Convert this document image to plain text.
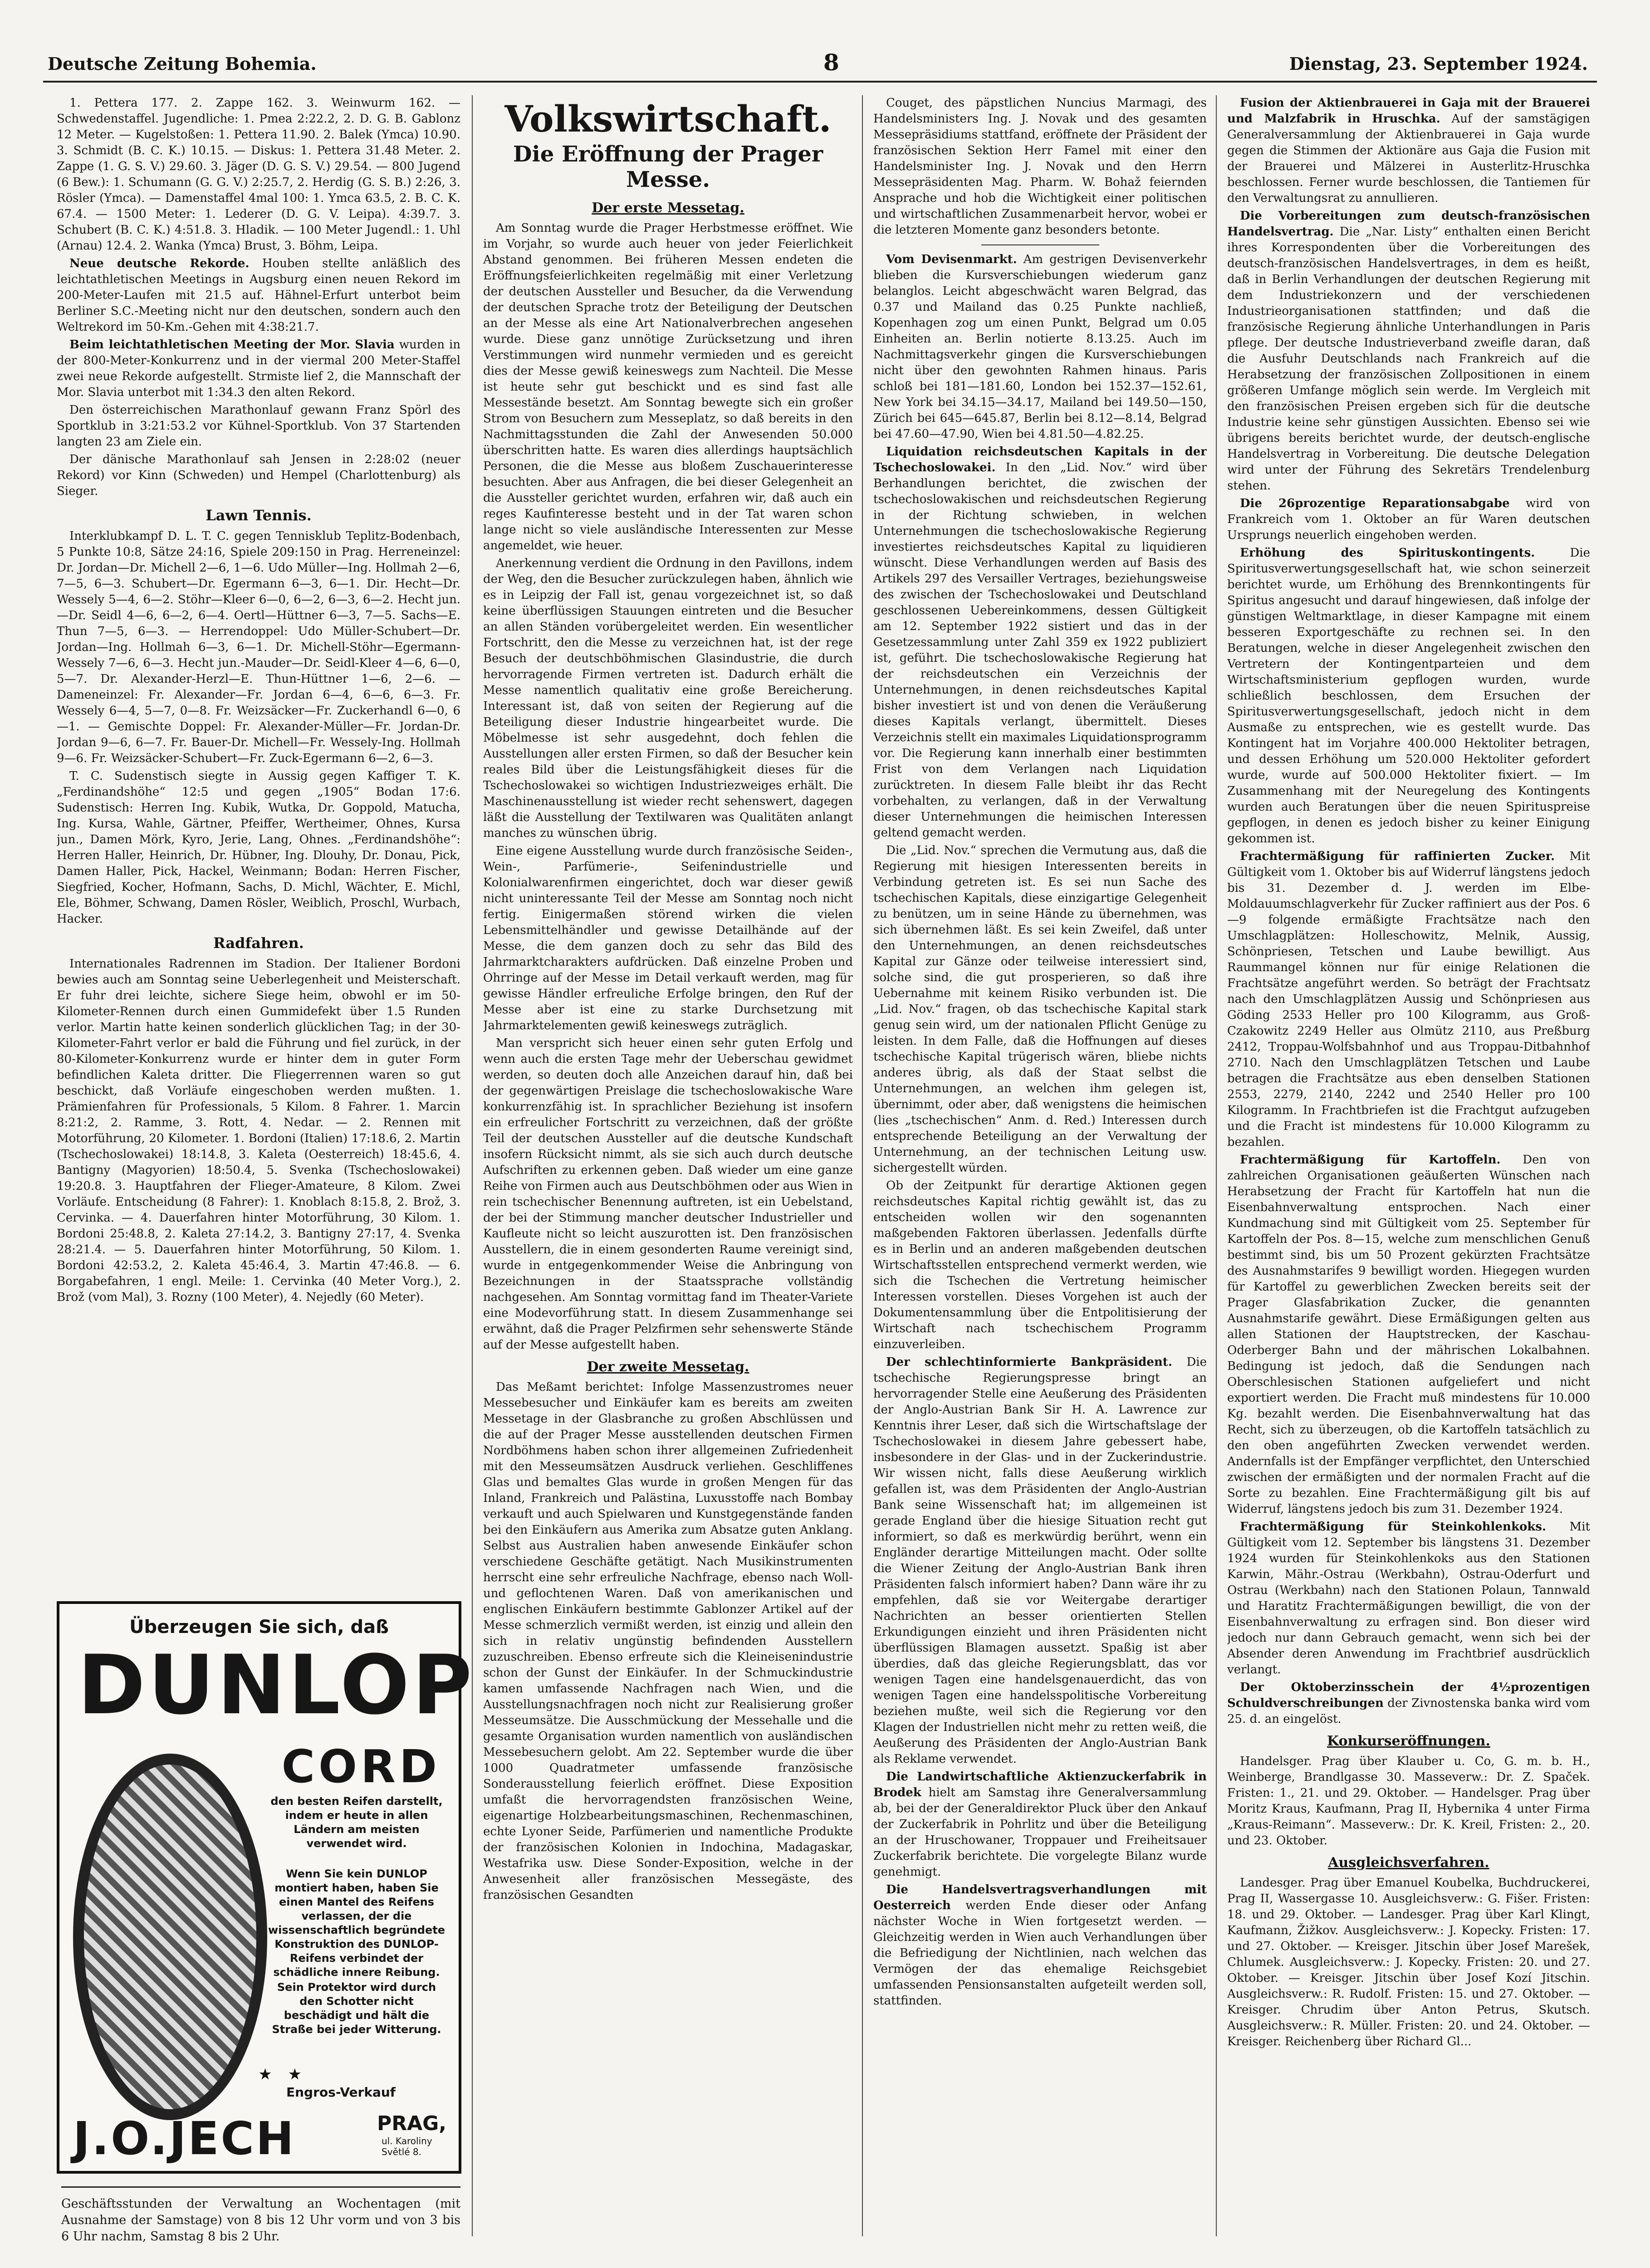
Deutsche Zeitung Bohemia.	8	Dienstag, 23. September 1924.

1. Pettera 177. 2. Zappe 162. 3. Weinwurm 162. — Schwedenstaffel. Jugendliche: 1. Pmea 2:22.2, 2. D. G. B. Gablonz 12 Meter. — Kugelstoßen: 1. Pettera 11.90. 2. Balek (Ymca) 10.90. 3. Schmidt (B. C. K.) 10.15. — Diskus: 1. Pettera 31.48 Meter. 2. Zappe (1. G. S. V.) 29.60. 3. Jäger (D. G. S. V.) 29.54. — 800 Jugend (6 Bew.): 1. Schumann (G. G. V.) 2:25.7, 2. Herdig (G. S. B.) 2:26, 3. Rösler (Ymca). — Damenstaffel 4mal 100: 1. Ymca 63.5, 2. B. C. K. 67.4. — 1500 Meter: 1. Lederer (D. G. V. Leipa). 4:39.7. 3. Schubert (B. C. K.) 4:51.8. 3. Hladik. — 100 Meter Jugendl.: 1. Uhl (Arnau) 12.4. 2. Wanka (Ymca) Brust, 3. Böhm, Leipa.

Neue deutsche Rekorde. Houben stellte anläßlich des leichtathletischen Meetings in Augsburg einen neuen Rekord im 200-Meter-Laufen mit 21.5 auf. Hähnel-Erfurt unterbot beim Berliner S.C.-Meeting nicht nur den deutschen, sondern auch den Weltrekord im 50-Km.-Gehen mit 4:38:21.7.

Beim leichtathletischen Meeting der Mor. Slavia wurden in der 800-Meter-Konkurrenz und in der viermal 200 Meter-Staffel zwei neue Rekorde aufgestellt. Strmiste lief 2, die Mannschaft der Mor. Slavia unterbot mit 1:34.3 den alten Rekord.

Den österreichischen Marathonlauf gewann Franz Spörl des Sportklub in 3:21:53.2 vor Kühnel-Sportklub. Von 37 Startenden langten 23 am Ziele ein.

Der dänische Marathonlauf sah Jensen in 2:28:02 (neuer Rekord) vor Kinn (Schweden) und Hempel (Charlottenburg) als Sieger.

Lawn Tennis.

Interklubkampf D. L. T. C. gegen Tennisklub Teplitz-Bodenbach, 5 Punkte 10:8, Sätze 24:16, Spiele 209:150 in Prag. Herreneinzel: Dr. Jordan—Dr. Michell 2—6, 1—6. Udo Müller—Ing. Hollmah 2—6, 7—5, 6—3. Schubert—Dr. Egermann 6—3, 6—1. Dir. Hecht—Dr. Wessely 5—4, 6—2. Stöhr—Kleer 6—0, 6—2, 6—3, 6—2. Hecht jun.—Dr. Seidl 4—6, 6—2, 6—4. Oertl—Hüttner 6—3, 7—5. Sachs—E. Thun 7—5, 6—3. — Herrendoppel: Udo Müller-Schubert—Dr. Jordan—Ing. Hollmah 6—3, 6—1. Dr. Michell-Stöhr—Egermann-Wessely 7—6, 6—3. Hecht jun.-Mauder—Dr. Seidl-Kleer 4—6, 6—0, 5—7. Dr. Alexander-Herzl—E. Thun-Hüttner 1—6, 2—6. — Dameneinzel: Fr. Alexander—Fr. Jordan 6—4, 6—6, 6—3. Fr. Wessely 6—4, 5—7, 0—8. Fr. Weizsäcker—Fr. Zuckerhandl 6—0, 6—1. — Gemischte Doppel: Fr. Alexander-Müller—Fr. Jordan-Dr. Jordan 9—6, 6—7. Fr. Bauer-Dr. Michell—Fr. Wessely-Ing. Hollmah 9—6. Fr. Weizsäcker-Schubert—Fr. Zuck-Egermann 6—2, 6—3.

T. C. Sudenstisch siegte in Aussig gegen Kaffiger T. K. „Ferdinandshöhe“ 12:5 und gegen „1905“ Bodan 17:6. Sudenstisch: Herren Ing. Kubik, Wutka, Dr. Goppold, Matucha, Ing. Kursa, Wahle, Gärtner, Pfeiffer, Wertheimer, Ohnes, Kursa jun., Damen Mörk, Kyro, Jerie, Lang, Ohnes. „Ferdinandshöhe“: Herren Haller, Heinrich, Dr. Hübner, Ing. Dlouhy, Dr. Donau, Pick, Damen Haller, Pick, Hackel, Weinmann; Bodan: Herren Fischer, Siegfried, Kocher, Hofmann, Sachs, D. Michl, Wächter, E. Michl, Ele, Böhmer, Schwang, Damen Rösler, Weiblich, Proschl, Wurbach, Hacker.

Radfahren.

Internationales Radrennen im Stadion. Der Italiener Bordoni bewies auch am Sonntag seine Ueberlegenheit und Meisterschaft. Er fuhr drei leichte, sichere Siege heim, obwohl er im 50-Kilometer-Rennen durch einen Gummidefekt über 1.5 Runden verlor. Martin hatte keinen sonderlich glücklichen Tag; in der 30-Kilometer-Fahrt verlor er bald die Führung und fiel zurück, in der 80-Kilometer-Konkurrenz wurde er hinter dem in guter Form befindlichen Kaleta dritter. Die Fliegerrennen waren so gut beschickt, daß Vorläufe eingeschoben werden mußten. 1. Prämienfahren für Professionals, 5 Kilom. 8 Fahrer. 1. Marcin 8:21:2, 2. Ramme, 3. Rott, 4. Nedar. — 2. Rennen mit Motorführung, 20 Kilometer. 1. Bordoni (Italien) 17:18.6, 2. Martin (Tschechoslowakei) 18:14.8, 3. Kaleta (Oesterreich) 18:45.6, 4. Bantigny (Magyorien) 18:50.4, 5. Svenka (Tschechoslowakei) 19:20.8. 3. Hauptfahren der Flieger-Amateure, 8 Kilom. Zwei Vorläufe. Entscheidung (8 Fahrer): 1. Knoblach 8:15.8, 2. Brož, 3. Cervinka. — 4. Dauerfahren hinter Motorführung, 30 Kilom. 1. Bordoni 25:48.8, 2. Kaleta 27:14.2, 3. Bantigny 27:17, 4. Svenka 28:21.4. — 5. Dauerfahren hinter Motorführung, 50 Kilom. 1. Bordoni 42:53.2, 2. Kaleta 45:46.4, 3. Martin 47:46.8. — 6. Borgabefahren, 1 engl. Meile: 1. Cervinka (40 Meter Vorg.), 2. Brož (vom Mal), 3. Rozny (100 Meter), 4. Nejedly (60 Meter).

Überzeugen Sie sich, daß
DUNLOP
CORD
den besten Reifen darstellt, indem er heute in allen Ländern am meisten verwendet wird.
Wenn Sie kein DUNLOP montiert haben, haben Sie einen Mantel des Reifens verlassen, der die wissenschaftlich begründete Konstruktion des DUNLOP-Reifens verbindet der schädliche innere Reibung.
Sein Protektor wird durch den Schotter nicht beschädigt und hält die Straße bei jeder Witterung.
★ ★
Engros-Verkauf
J.O.JECH	PRAG,
ul. Karoliny Světlé 8.
Geschäftsstunden der Verwaltung an Wochentagen (mit Ausnahme der Samstage) von 8 bis 12 Uhr vorm und von 3 bis 6 Uhr nachm, Samstag 8 bis 2 Uhr.
Volkswirtschaft.
Die Eröffnung der Prager Messe.
Der erste Messetag.

Am Sonntag wurde die Prager Herbstmesse eröffnet. Wie im Vorjahr, so wurde auch heuer von jeder Feierlichkeit Abstand genommen. Bei früheren Messen endeten die Eröffnungsfeierlichkeiten regelmäßig mit einer Verletzung der deutschen Aussteller und Besucher, da die Verwendung der deutschen Sprache trotz der Beteiligung der Deutschen an der Messe als eine Art Nationalverbrechen angesehen wurde. Diese ganz unnötige Zurücksetzung und ihren Verstimmungen wird nunmehr vermieden und es gereicht dies der Messe gewiß keineswegs zum Nachteil. Die Messe ist heute sehr gut beschickt und es sind fast alle Messestände besetzt. Am Sonntag bewegte sich ein großer Strom von Besuchern zum Messeplatz, so daß bereits in den Nachmittagsstunden die Zahl der Anwesenden 50.000 überschritten hatte. Es waren dies allerdings hauptsächlich Personen, die die Messe aus bloßem Zuschauerinteresse besuchten. Aber aus Anfragen, die bei dieser Gelegenheit an die Aussteller gerichtet wurden, erfahren wir, daß auch ein reges Kaufinteresse besteht und in der Tat waren schon lange nicht so viele ausländische Interessenten zur Messe angemeldet, wie heuer.

Anerkennung verdient die Ordnung in den Pavillons, indem der Weg, den die Besucher zurückzulegen haben, ähnlich wie es in Leipzig der Fall ist, genau vorgezeichnet ist, so daß keine überflüssigen Stauungen eintreten und die Besucher an allen Ständen vorübergeleitet werden. Ein wesentlicher Fortschritt, den die Messe zu verzeichnen hat, ist der rege Besuch der deutschböhmischen Glasindustrie, die durch hervorragende Firmen vertreten ist. Dadurch erhält die Messe namentlich qualitativ eine große Bereicherung. Interessant ist, daß von seiten der Regierung auf die Beteiligung dieser Industrie hingearbeitet wurde. Die Möbelmesse ist sehr ausgedehnt, doch fehlen die Ausstellungen aller ersten Firmen, so daß der Besucher kein reales Bild über die Leistungsfähigkeit dieses für die Tschechoslowakei so wichtigen Industriezweiges erhält. Die Maschinenausstellung ist wieder recht sehenswert, dagegen läßt die Ausstellung der Textilwaren was Qualitäten anlangt manches zu wünschen übrig.

Eine eigene Ausstellung wurde durch französische Seiden-, Wein-, Parfümerie-, Seifenindustrielle und Kolonialwarenfirmen eingerichtet, doch war dieser gewiß nicht uninteressante Teil der Messe am Sonntag noch nicht fertig. Einigermaßen störend wirken die vielen Lebensmittelhändler und gewisse Detailhände auf der Messe, die dem ganzen doch zu sehr das Bild des Jahrmarktcharakters aufdrücken. Daß einzelne Proben und Ohrringe auf der Messe im Detail verkauft werden, mag für gewisse Händler erfreuliche Erfolge bringen, den Ruf der Messe aber ist eine zu starke Durchsetzung mit Jahrmarktelementen gewiß keineswegs zuträglich.

Man verspricht sich heuer einen sehr guten Erfolg und wenn auch die ersten Tage mehr der Ueberschau gewidmet werden, so deuten doch alle Anzeichen darauf hin, daß bei der gegenwärtigen Preislage die tschechoslowakische Ware konkurrenzfähig ist. In sprachlicher Beziehung ist insofern ein erfreulicher Fortschritt zu verzeichnen, daß der größte Teil der deutschen Aussteller auf die deutsche Kundschaft insofern Rücksicht nimmt, als sie sich auch durch deutsche Aufschriften zu erkennen geben. Daß wieder um eine ganze Reihe von Firmen auch aus Deutschböhmen oder aus Wien in rein tschechischer Benennung auftreten, ist ein Uebelstand, der bei der Stimmung mancher deutscher Industrieller und Kaufleute nicht so leicht auszurotten ist. Den französischen Ausstellern, die in einem gesonderten Raume vereinigt sind, wurde in entgegenkommender Weise die Anbringung von Bezeichnungen in der Staatssprache vollständig nachgesehen. Am Sonntag vormittag fand im Theater-Variete eine Modevorführung statt. In diesem Zusammenhange sei erwähnt, daß die Prager Pelzfirmen sehr sehenswerte Stände auf der Messe aufgestellt haben.

Der zweite Messetag.

Das Meßamt berichtet: Infolge Massenzustromes neuer Messebesucher und Einkäufer kam es bereits am zweiten Messetage in der Glasbranche zu großen Abschlüssen und die auf der Prager Messe ausstellenden deutschen Firmen Nordböhmens haben schon ihrer allgemeinen Zufriedenheit mit den Messeumsätzen Ausdruck verliehen. Geschliffenes Glas und bemaltes Glas wurde in großen Mengen für das Inland, Frankreich und Palästina, Luxusstoffe nach Bombay verkauft und auch Spielwaren und Kunstgegenstände fanden bei den Einkäufern aus Amerika zum Absatze guten Anklang. Selbst aus Australien haben anwesende Einkäufer schon verschiedene Geschäfte getätigt. Nach Musikinstrumenten herrscht eine sehr erfreuliche Nachfrage, ebenso nach Woll- und geflochtenen Waren. Daß von amerikanischen und englischen Einkäufern bestimmte Gablonzer Artikel auf der Messe schmerzlich vermißt werden, ist einzig und allein den sich in relativ ungünstig befindenden Ausstellern zuzuschreiben. Ebenso erfreute sich die Kleineisenindustrie schon der Gunst der Einkäufer. In der Schmuckindustrie kamen umfassende Nachfragen nach Wien, und die Ausstellungsnachfragen noch nicht zur Realisierung großer Messeumsätze. Die Ausschmückung der Messehalle und die gesamte Organisation wurden namentlich von ausländischen Messebesuchern gelobt. Am 22. September wurde die über 1000 Quadratmeter umfassende französische Sonderausstellung feierlich eröffnet. Diese Exposition umfaßt die hervorragendsten französischen Weine, eigenartige Holzbearbeitungsmaschinen, Rechenmaschinen, echte Lyoner Seide, Parfümerien und namentliche Produkte der französischen Kolonien in Indochina, Madagaskar, Westafrika usw. Diese Sonder-Exposition, welche in der Anwesenheit aller französischen Messegäste, des französischen Gesandten

Couget, des päpstlichen Nuncius Marmagi, des Handelsministers Ing. J. Novak und des gesamten Messepräsidiums stattfand, eröffnete der Präsident der französischen Sektion Herr Famel mit einer den Handelsminister Ing. J. Novak und den Herrn Messepräsidenten Mag. Pharm. W. Bohaž feiernden Ansprache und hob die Wichtigkeit einer politischen und wirtschaftlichen Zusammenarbeit hervor, wobei er die letzteren Momente ganz besonders betonte.

Vom Devisenmarkt. Am gestrigen Devisenverkehr blieben die Kursverschiebungen wiederum ganz belanglos. Leicht abgeschwächt waren Belgrad, das 0.37 und Mailand das 0.25 Punkte nachließ, Kopenhagen zog um einen Punkt, Belgrad um 0.05 Einheiten an. Berlin notierte 8.13.25. Auch im Nachmittagsverkehr gingen die Kursverschiebungen nicht über den gewohnten Rahmen hinaus. Paris schloß bei 181—181.60, London bei 152.37—152.61, New York bei 34.15—34.17, Mailand bei 149.50—150, Zürich bei 645—645.87, Berlin bei 8.12—8.14, Belgrad bei 47.60—47.90, Wien bei 4.81.50—4.82.25.

Liquidation reichsdeutschen Kapitals in der Tschechoslowakei. In den „Lid. Nov.“ wird über Berhandlungen berichtet, die zwischen der tschechoslowakischen und reichsdeutschen Regierung in der Richtung schwieben, in welchen Unternehmungen die tschechoslowakische Regierung investiertes reichsdeutsches Kapital zu liquidieren wünscht. Diese Verhandlungen werden auf Basis des Artikels 297 des Versailler Vertrages, beziehungsweise des zwischen der Tschechoslowakei und Deutschland geschlossenen Uebereinkommens, dessen Gültigkeit am 12. September 1922 sistiert und das in der Gesetzessammlung unter Zahl 359 ex 1922 publiziert ist, geführt. Die tschechoslowakische Regierung hat der reichsdeutschen ein Verzeichnis der Unternehmungen, in denen reichsdeutsches Kapital bisher investiert ist und von denen die Veräußerung dieses Kapitals verlangt, übermittelt. Dieses Verzeichnis stellt ein maximales Liquidationsprogramm vor. Die Regierung kann innerhalb einer bestimmten Frist von dem Verlangen nach Liquidation zurücktreten. In diesem Falle bleibt ihr das Recht vorbehalten, zu verlangen, daß in der Verwaltung dieser Unternehmungen die heimischen Interessen geltend gemacht werden.

Die „Lid. Nov.“ sprechen die Vermutung aus, daß die Regierung mit hiesigen Interessenten bereits in Verbindung getreten ist. Es sei nun Sache des tschechischen Kapitals, diese einzigartige Gelegenheit zu benützen, um in seine Hände zu übernehmen, was sich übernehmen läßt. Es sei kein Zweifel, daß unter den Unternehmungen, an denen reichsdeutsches Kapital zur Gänze oder teilweise interessiert sind, solche sind, die gut prosperieren, so daß ihre Uebernahme mit keinem Risiko verbunden ist. Die „Lid. Nov.“ fragen, ob das tschechische Kapital stark genug sein wird, um der nationalen Pflicht Genüge zu leisten. In dem Falle, daß die Hoffnungen auf dieses tschechische Kapital trügerisch wären, bliebe nichts anderes übrig, als daß der Staat selbst die Unternehmungen, an welchen ihm gelegen ist, übernimmt, oder aber, daß wenigstens die heimischen (lies „tschechischen“ Anm. d. Red.) Interessen durch entsprechende Beteiligung an der Verwaltung der Unternehmung, an der technischen Leitung usw. sichergestellt würden.

Ob der Zeitpunkt für derartige Aktionen gegen reichsdeutsches Kapital richtig gewählt ist, das zu entscheiden wollen wir den sogenannten maßgebenden Faktoren überlassen. Jedenfalls dürfte es in Berlin und an anderen maßgebenden deutschen Wirtschaftsstellen entsprechend vermerkt werden, wie sich die Tschechen die Vertretung heimischer Interessen vorstellen. Dieses Vorgehen ist auch der Dokumentensammlung über die Entpolitisierung der Wirtschaft nach tschechischem Programm einzuverleiben.

Der schlechtinformierte Bankpräsident. Die tschechische Regierungspresse bringt an hervorragender Stelle eine Aeußerung des Präsidenten der Anglo-Austrian Bank Sir H. A. Lawrence zur Kenntnis ihrer Leser, daß sich die Wirtschaftslage der Tschechoslowakei in diesem Jahre gebessert habe, insbesondere in der Glas- und in der Zuckerindustrie. Wir wissen nicht, falls diese Aeußerung wirklich gefallen ist, was dem Präsidenten der Anglo-Austrian Bank seine Wissenschaft hat; im allgemeinen ist gerade England über die hiesige Situation recht gut informiert, so daß es merkwürdig berührt, wenn ein Engländer derartige Mitteilungen macht. Oder sollte die Wiener Zeitung der Anglo-Austrian Bank ihren Präsidenten falsch informiert haben? Dann wäre ihr zu empfehlen, daß sie vor Weitergabe derartiger Nachrichten an besser orientierten Stellen Erkundigungen einzieht und ihren Präsidenten nicht überflüssigen Blamagen aussetzt. Spaßig ist aber überdies, daß das gleiche Regierungsblatt, das vor wenigen Tagen eine handelsgenauerdicht, das von wenigen Tagen eine handelsspolitische Vorbereitung beziehen mußte, weil sich die Regierung vor den Klagen der Industriellen nicht mehr zu retten weiß, die Aeußerung des Präsidenten der Anglo-Austrian Bank als Reklame verwendet.

Die Landwirtschaftliche Aktienzuckerfabrik in Brodek hielt am Samstag ihre Generalversammlung ab, bei der der Generaldirektor Pluck über den Ankauf der Zuckerfabrik in Pohrlitz und über die Beteiligung an der Hruschowaner, Troppauer und Freiheitsauer Zuckerfabrik berichtete. Die vorgelegte Bilanz wurde genehmigt.

Die Handelsvertragsverhandlungen mit Oesterreich werden Ende dieser oder Anfang nächster Woche in Wien fortgesetzt werden. — Gleichzeitig werden in Wien auch Verhandlungen über die Befriedigung der Nichtlinien, nach welchen das Vermögen der das ehemalige Reichsgebiet umfassenden Pensionsanstalten aufgeteilt werden soll, stattfinden.

Fusion der Aktienbrauerei in Gaja mit der Brauerei und Malzfabrik in Hruschka. Auf der samstägigen Generalversammlung der Aktienbrauerei in Gaja wurde gegen die Stimmen der Aktionäre aus Gaja die Fusion mit der Brauerei und Mälzerei in Austerlitz-Hruschka beschlossen. Ferner wurde beschlossen, die Tantiemen für den Verwaltungsrat zu annullieren.

Die Vorbereitungen zum deutsch-französischen Handelsvertrag. Die „Nar. Listy“ enthalten einen Bericht ihres Korrespondenten über die Vorbereitungen des deutsch-französischen Handelsvertrages, in dem es heißt, daß in Berlin Verhandlungen der deutschen Regierung mit dem Industriekonzern und der verschiedenen Industrieorganisationen stattfinden; und daß die französische Regierung ähnliche Unterhandlungen in Paris pflege. Der deutsche Industrieverband zweifle daran, daß die Ausfuhr Deutschlands nach Frankreich auf die Herabsetzung der französischen Zollpositionen in einem größeren Umfange möglich sein werde. Im Vergleich mit den französischen Preisen ergeben sich für die deutsche Industrie keine sehr günstigen Aussichten. Ebenso sei wie übrigens bereits berichtet wurde, der deutsch-englische Handelsvertrag in Vorbereitung. Die deutsche Delegation wird unter der Führung des Sekretärs Trendelenburg stehen.

Die 26prozentige Reparationsabgabe wird von Frankreich vom 1. Oktober an für Waren deutschen Ursprungs neuerlich eingehoben werden.

Erhöhung des Spirituskontingents.	Die Spiritusverwertungsgesellschaft hat, wie schon seinerzeit berichtet wurde, um Erhöhung des Brennkontingents für Spiritus angesucht und darauf hingewiesen, daß infolge der günstigen Weltmarktlage, in dieser Kampagne mit einem besseren Exportgeschäfte zu rechnen sei. In den Beratungen, welche in dieser Angelegenheit zwischen den Vertretern der Kontingentparteien und dem Wirtschaftsministerium gepflogen wurden, wurde schließlich beschlossen, dem Ersuchen der Spiritusverwertungsgesellschaft, jedoch nicht in dem Ausmaße zu entsprechen, wie es gestellt wurde. Das Kontingent hat im Vorjahre 400.000 Hektoliter betragen, und dessen Erhöhung um 520.000 Hektoliter gefordert wurde, wurde auf 500.000 Hektoliter fixiert. — Im Zusammenhang mit der Neuregelung des Kontingents wurden auch Beratungen über die neuen Spirituspreise gepflogen, in denen es jedoch bisher zu keiner Einigung gekommen ist.

Frachtermäßigung für raffinierten Zucker. Mit Gültigkeit vom 1. Oktober bis auf Widerruf längstens jedoch bis 31. Dezember d. J. werden im Elbe-Moldauumschlagverkehr für Zucker raffiniert aus der Pos. 6—9 folgende ermäßigte Frachtsätze nach den Umschlagplätzen: Holleschowitz, Melnik, Aussig, Schönpriesen, Tetschen und Laube bewilligt. Aus Raummangel können nur für einige Relationen die Frachtsätze angeführt werden. So beträgt der Frachtsatz nach den Umschlagplätzen Aussig und Schönpriesen aus Göding 2533 Heller pro 100 Kilogramm, aus Groß-Czakowitz 2249 Heller aus Olmütz 2110, aus Preßburg 2412, Troppau-Wolfsbahnhof und aus Troppau-Ditbahnhof 2710. Nach den Umschlagplätzen Tetschen und Laube betragen die Frachtsätze aus eben denselben Stationen 2553, 2279, 2140, 2242 und 2540 Heller pro 100 Kilogramm. In Frachtbriefen ist die Frachtgut aufzugeben und die Fracht ist mindestens für 10.000 Kilogramm zu bezahlen.

Frachtermäßigung für Kartoffeln. Den von zahlreichen Organisationen geäußerten Wünschen nach Herabsetzung der Fracht für Kartoffeln hat nun die Eisenbahnverwaltung entsprochen. Nach einer Kundmachung sind mit Gültigkeit vom 25. September für Kartoffeln der Pos. 8—15, welche zum menschlichen Genuß bestimmt sind, bis um 50 Prozent gekürzten Frachtsätze des Ausnahmstarifes 9 bewilligt worden. Hiegegen wurden für Kartoffel zu gewerblichen Zwecken bereits seit der Prager Glasfabrikation Zucker, die genannten Ausnahmstarife gewährt. Diese Ermäßigungen gelten aus allen Stationen der Hauptstrecken, der Kaschau-Oderberger Bahn und der mährischen Lokalbahnen. Bedingung ist jedoch, daß die Sendungen nach Oberschlesischen Stationen aufgeliefert und nicht exportiert werden. Die Fracht muß mindestens für 10.000 Kg. bezahlt werden. Die Eisenbahnverwaltung hat das Recht, sich zu überzeugen, ob die Kartoffeln tatsächlich zu den oben angeführten Zwecken verwendet werden. Andernfalls ist der Empfänger verpflichtet, den Unterschied zwischen der ermäßigten und der normalen Fracht auf die Sorte zu bezahlen. Eine Frachtermäßigung gilt bis auf Widerruf, längstens jedoch bis zum 31. Dezember 1924.

Frachtermäßigung für Steinkohlenkoks. Mit Gültigkeit vom 12. September bis längstens 31. Dezember 1924 wurden für Steinkohlenkoks aus den Stationen Karwin, Mähr.-Ostrau (Werkbahn), Ostrau-Oderfurt und Ostrau (Werkbahn) nach den Stationen Polaun, Tannwald und Haratitz Frachtermäßigungen bewilligt, die von der Eisenbahnverwaltung zu erfragen sind. Bon dieser wird jedoch nur dann Gebrauch gemacht, wenn sich bei der Absender deren Anwendung im Frachtbrief ausdrücklich verlangt.

Der Oktoberzinsschein der 4½prozentigen Schuldverschreibungen der Zivnostenska banka wird vom 25. d. an eingelöst.

Konkurseröffnungen.

Handelsger. Prag über Klauber u. Co, G. m. b. H., Weinberge, Brandlgasse 30. Masseverw.: Dr. Z. Spaček. Fristen: 1., 21. und 29. Oktober. — Handelsger. Prag über Moritz Kraus, Kaufmann, Prag II, Hybernika 4 unter Firma „Kraus-Reimann“. Masseverw.: Dr. K. Kreil, Fristen: 2., 20. und 23. Oktober.

Ausgleichsverfahren.

Landesger. Prag über Emanuel Koubelka, Buchdruckerei, Prag II, Wassergasse 10. Ausgleichsverw.: G. Fišer. Fristen: 18. und 29. Oktober. — Landesger. Prag über Karl Klingt, Kaufmann, Žižkov. Ausgleichsverw.: J. Kopecky. Fristen: 17. und 27. Oktober. — Kreisger. Jitschin über Josef Marešek, Chlumek. Ausgleichsverw.: J. Kopecky. Fristen: 20. und 27. Oktober. — Kreisger. Jitschin über Josef Kozí Jitschin. Ausgleichsverw.: R. Rudolf. Fristen: 15. und 27. Oktober. — Kreisger. Chrudim über Anton Petrus, Skutsch. Ausgleichsverw.: R. Müller. Fristen: 20. und 24. Oktober. — Kreisger. Reichenberg über Richard Gl...
